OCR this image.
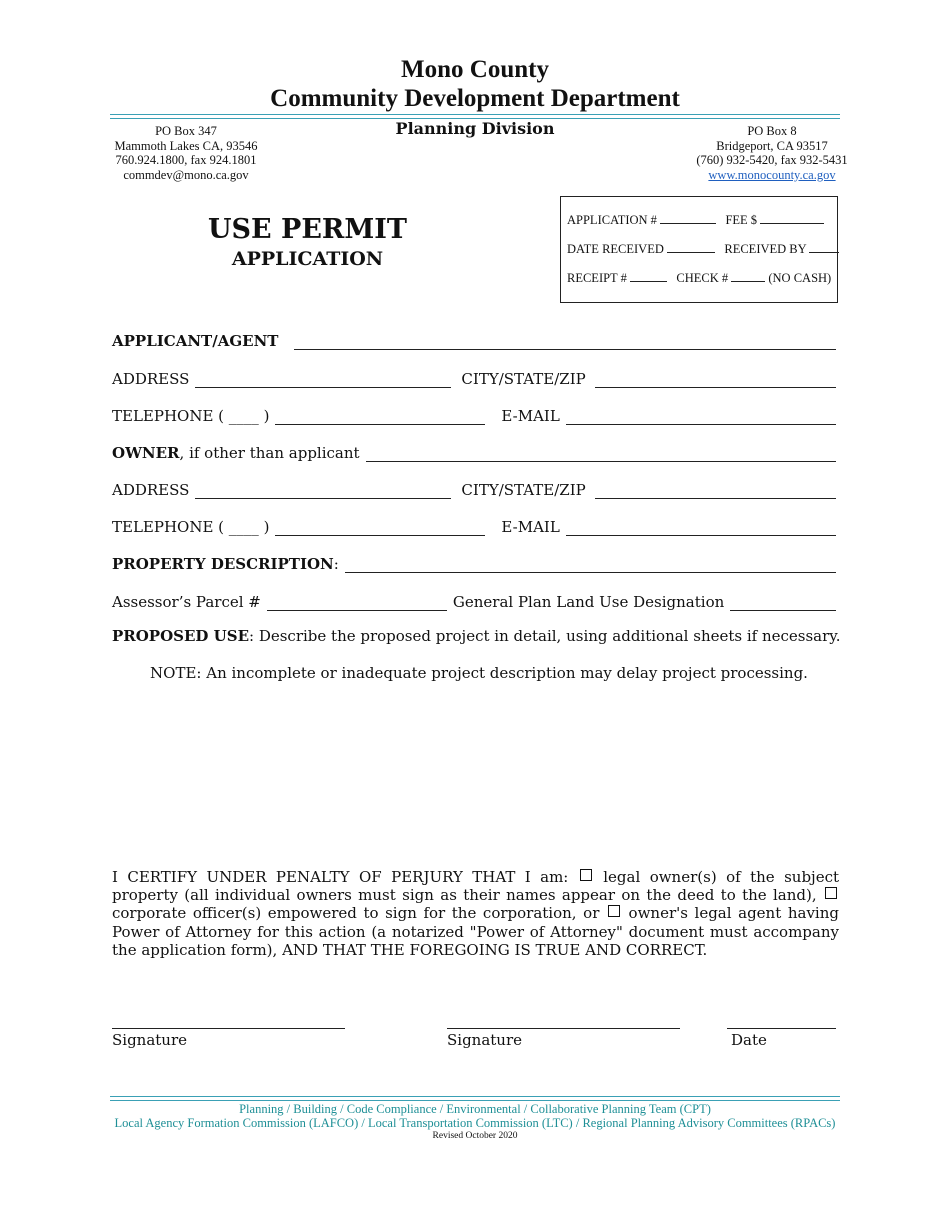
Mono County
Community Development Department
PO Box 347
Mammoth Lakes CA, 93546
760.924.1800, fax 924.1801
commdev@mono.ca.gov
Planning Division	PO Box 8
Bridgeport, CA 93517
(760) 932-5420, fax 932-5431
www.monocounty.ca.gov
USE PERMIT
APPLICATION
APPLICATION #	FEE $
DATE RECEIVED	RECEIVED BY
RECEIPT #	CHECK #	(NO CASH)
APPLICANT/AGENT
ADDRESS	CITY/STATE/ZIP
TELEPHONE ( ____ )	E-MAIL
OWNER, if other than applicant
ADDRESS	CITY/STATE/ZIP
TELEPHONE ( ____ )	E-MAIL
PROPERTY DESCRIPTION:
Assessor’s Parcel #	General Plan Land Use Designation
PROPOSED USE: Describe the proposed project in detail, using additional sheets if necessary.
NOTE: An incomplete or inadequate project description may delay project processing.
I CERTIFY UNDER PENALTY OF PERJURY THAT I am: legal owner(s) of the subject property (all individual owners must sign as their names appear on the deed to the land),  corporate officer(s) empowered to sign for the corporation, or owner's legal agent having Power of Attorney for this action (a notarized "Power of Attorney" document must accompany the application form), AND THAT THE FOREGOING IS TRUE AND CORRECT.
Signature	Signature	Date
Planning / Building / Code Compliance / Environmental / Collaborative Planning Team (CPT)
Local Agency Formation Commission (LAFCO) / Local Transportation Commission (LTC) / Regional Planning Advisory Committees (RPACs)
Revised October 2020
